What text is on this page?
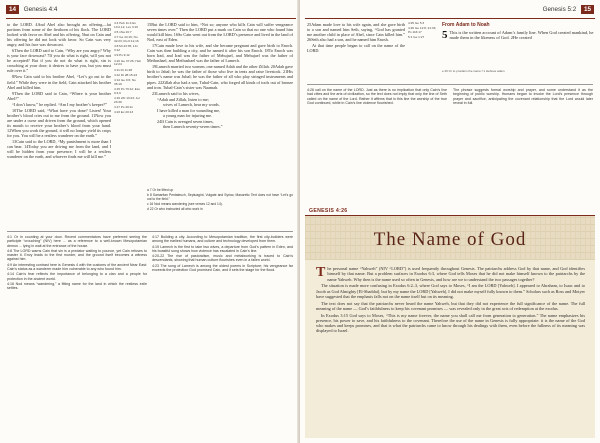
14 Genesis 4:4

to the LORD. 4And Abel also brought an offering—fat portions from some of the firstborn of his flock. The LORD looked with favor on Abel and his offering, 5but on Cain and his offering he did not look with favor. So Cain was very angry, and his face was downcast.

6Then the LORD said to Cain, “Why are you angry? Why is your face downcast? 7If you do what is right, will you not be accepted? But if you do not do what is right, sin is crouching at your door; it desires to have you, but you must rule over it.”

8Now Cain said to his brother Abel, “Let’s go out to the field.” While they were in the field, Cain attacked his brother Abel and killed him.

9Then the LORD said to Cain, “Where is your brother Abel?”

“I don’t know,” he replied. “Am I my brother’s keeper?”

10The LORD said, “What have you done? Listen! Your brother’s blood cries out to me from the ground. 11Now you are under a curse and driven from the ground, which opened its mouth to receive your brother’s blood from your hand. 12When you work the ground, it will no longer yield its crops for you. You will be a restless wanderer on the earth.”

13Cain said to the LORD, “My punishment is more than I can bear. 14Today you are driving me from the land, and I will be hidden from your presence; I will be a restless wanderer on the earth, and whoever finds me will kill me.”

4:4 Heb 11:4 Ex 13:2,12; Lev 3:16
4:5 1Sa 16:7
4:7 Ge 44:16; Nu 32:23; Ro 6:12,16
4:8 Mt 23:35; 1Jn 3:12
4:9 Ps 9:12
4:10 Ge 37:26; Heb 12:24
4:11 Dt 11:28
4:12 Dt 28:15-24
4:14 Ge 9:6; Nu 35:19
4:15 Ps 79:12; Eze 9:4,6
4:16 2Ki 13:23; Jer 23:39
4:17 Ps 49:11
4:23 Ex 20:13

15But the LORD said to him, “Not so; anyone who kills Cain will suffer vengeance seven times over.” Then the LORD put a mark on Cain so that no one who found him would kill him. 16So Cain went out from the LORD’s presence and lived in the land of Nod, east of Eden.

17Cain made love to his wife, and she became pregnant and gave birth to Enoch. Cain was then building a city, and he named it after his son Enoch. 18To Enoch was born Irad, and Irad was the father of Mehujael, and Mehujael was the father of Methushael, and Methushael was the father of Lamech.

19Lamech married two women, one named Adah and the other Zillah. 20Adah gave birth to Jabal; he was the father of those who live in tents and raise livestock. 21His brother’s name was Jubal; he was the father of all who play stringed instruments and pipes. 22Zillah also had a son, Tubal-Cain, who forged all kinds of tools out of bronze and iron. Tubal-Cain’s sister was Naamah.

23Lamech said to his wives,

“Adah and Zillah, listen to me;

wives of Lamech, hear my words.

I have killed a man for wounding me,

a young man for injuring me.

24If Cain is avenged seven times,

then Lamech seventy-seven times.”

a 7 Or be lifted up

b 8 Samaritan Pentateuch, Septuagint, Vulgate and Syriac; Masoretic Text does not have “Let’s go out to the field.”

c 16 Nod means wandering (see verses 12 and 14).

d 22 Or who instructed all who work in

4:1 Or in counting at your door. Recent commentators have preferred seeing the participle “crouching” (NIV) here ... as a reference to a well-known Mesopotamian demon ... lying in wait at the entrance of the house.

4:8 The LORD warns Cain that sin is a predator waiting to pounce, yet Cain refuses to master it. Envy leads to the first murder, and the ground itself becomes a witness against him.

4:9 An interesting contrast here is Genesis 4 with the customs of the ancient Near East: Cain’s status as a wanderer made him vulnerable to any who found him.

4:14 Cain’s fear reflects the importance of belonging to a clan and a people for protection in the ancient world.

4:16 Nod means “wandering,” a fitting name for the land in which the restless exile settles.

4:17 Building a city. According to Mesopotamian tradition, the first city-builders were among the earliest humans, and culture and technology developed from them.

4:19 Lamech is the first to take two wives, a departure from God’s pattern in Eden, and his boastful song shows how violence has escalated in Cain’s line.

4:20-22 The rise of pastoralism, music and metalworking is traced to Cain’s descendants, showing that human culture flourishes even in a fallen world.

4:23 The song of Lamech is among the oldest poems in Scripture; his vengeance far exceeds the protection God promised Cain, and it sets the stage for the flood.

Genesis 5:2 15

25Adam made love to his wife again, and she gave birth to a son and named him Seth, saying, “God has granted me another child in place of Abel, since Cain killed him.” 26Seth also had a son, and he named him Enosh.

At that time people began to call on the name of the LORD.

4:25 Ge 5:3
4:26 Ge 12:8; 21:33; Ps 116:17
5:1 Ge 1:27

4:26 call on the name of the LORD. Just as there is no implication that only Cain’s line had cities and the arts of civilization, so the text does not imply that only the line of Seth called on the name of the Lord. Rather it affirms that in this line the worship of the true God continued, while in Cain’s line violence flourished.

The phrase suggests formal worship and prayer, and some understand it as the beginning of public worship. Humans began to invoke the Lord’s presence through prayer and sacrifice, anticipating the covenant relationship that the Lord would later reveal in full.

From Adam to Noah
5 This is the written account of Adam’s family line. When God created mankind, he made them in the likeness of God. 2He created
e 26 Or to proclaim the name f 1 Hebrew adam
GENESIS 4:26
The Name of God

The personal name “Yahweh” (NIV “LORD”) is used frequently throughout Genesis. The patriarchs address God by that name, and God identifies himself by that name. But a problem surfaces in Exodus 6:3, where God tells Moses that he did not make himself known to the patriarchs by the name Yahweh. Why then is the name used so often in Genesis, and how are we to understand the two passages together?

The situation is made more confusing in Exodus 6:2–3, where God says to Moses, “I am the LORD [Yahweh]. I appeared to Abraham, to Isaac and to Jacob as God Almighty [El-Shaddai], but by my name the LORD [Yahweh], I did not make myself fully known to them.” Scholars such as Ross and Motyer have suggested that the emphasis falls not on the name itself but on its meaning.

The text does not say that the patriarchs never heard the name Yahweh, but that they did not experience the full significance of the name. The full meaning of the name — God’s faithfulness to keep his covenant promises — was revealed only in the great acts of redemption at the exodus.

In Exodus 3:15 God says to Moses, “This is my name forever, the name you shall call me from generation to generation.” The name emphasizes his presence, his power to save, and his faithfulness to the covenant. Therefore the use of the name in Genesis is fully appropriate: it is the name of the God who makes and keeps promises, and that is what the patriarchs came to know through his dealings with them, even before the fullness of its meaning was displayed to Israel.
